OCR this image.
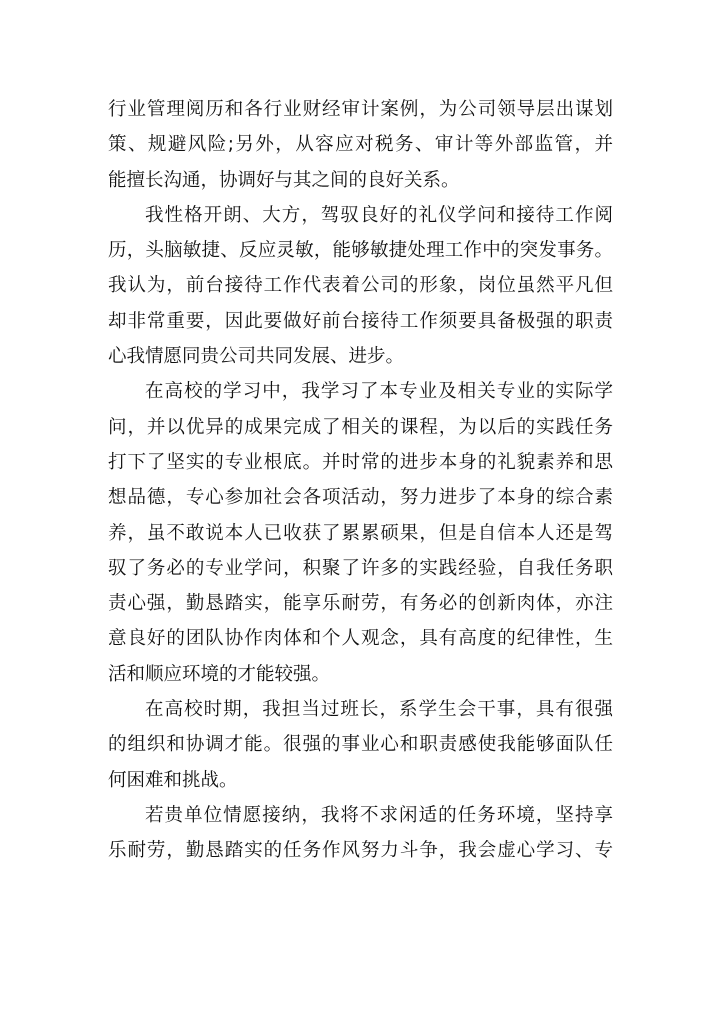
行业管理阅历和各行业财经审计案例，为公司领导层出谋划
策、规避风险;另外，从容应对税务、审计等外部监管，并
能擅长沟通，协调好与其之间的良好关系。
我性格开朗、大方，驾驭良好的礼仪学问和接待工作阅
历，头脑敏捷、反应灵敏，能够敏捷处理工作中的突发事务。
我认为，前台接待工作代表着公司的形象，岗位虽然平凡但
却非常重要，因此要做好前台接待工作须要具备极强的职责
心我情愿同贵公司共同发展、进步。
在高校的学习中，我学习了本专业及相关专业的实际学
问，并以优异的成果完成了相关的课程，为以后的实践任务
打下了坚实的专业根底。并时常的进步本身的礼貌素养和思
想品德，专心参加社会各项活动，努力进步了本身的综合素
养，虽不敢说本人已收获了累累硕果，但是自信本人还是驾
驭了务必的专业学问，积聚了许多的实践经验，自我任务职
责心强，勤恳踏实，能享乐耐劳，有务必的创新肉体，亦注
意良好的团队协作肉体和个人观念，具有高度的纪律性，生
活和顺应环境的才能较强。
在高校时期，我担当过班长，系学生会干事，具有很强
的组织和协调才能。很强的事业心和职责感使我能够面队任
何困难和挑战。
若贵单位情愿接纳，我将不求闲适的任务环境，坚持享
乐耐劳，勤恳踏实的任务作风努力斗争，我会虚心学习、专
